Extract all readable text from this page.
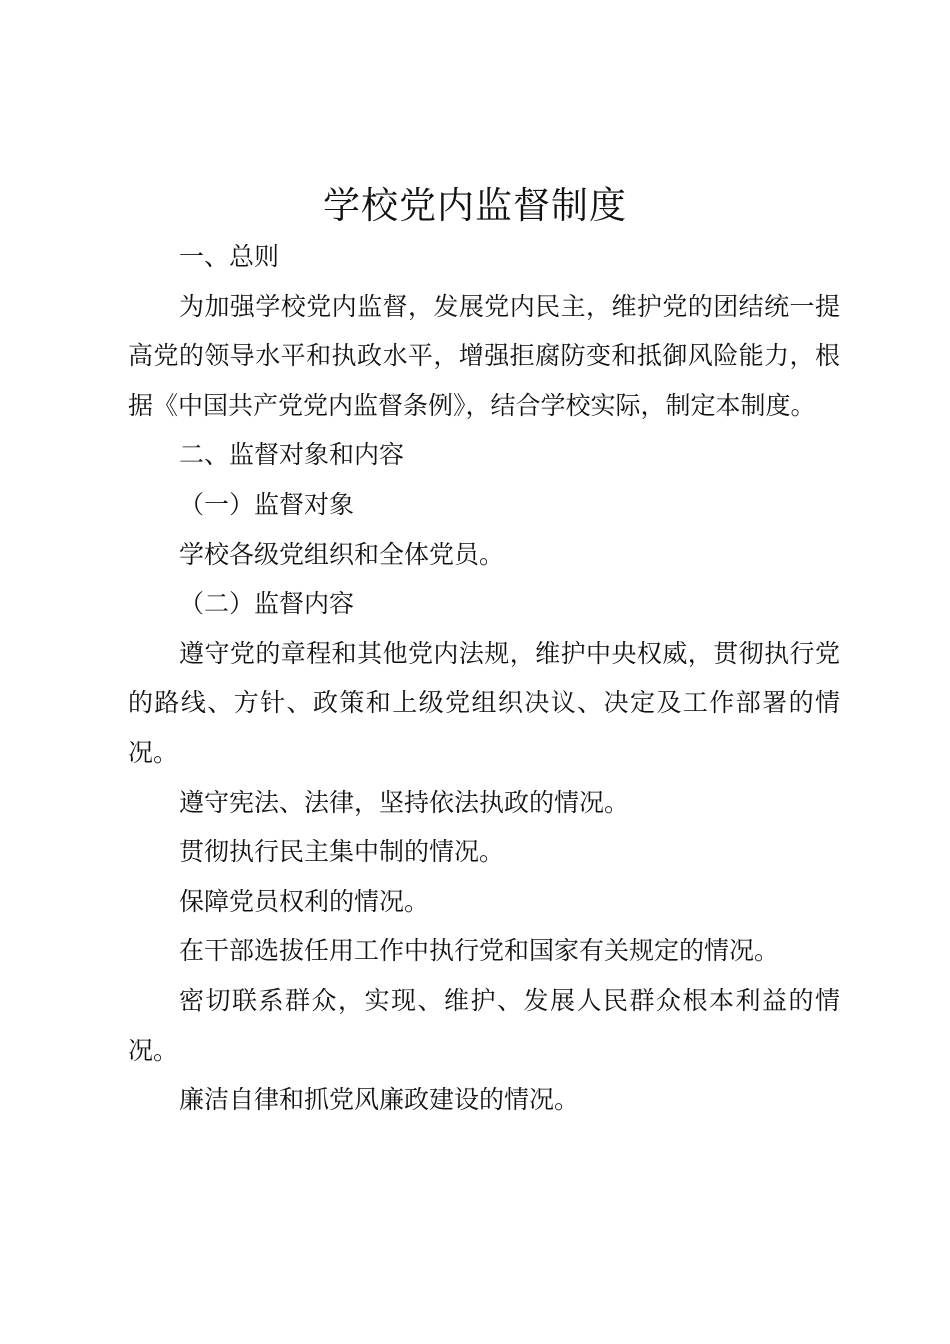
学校党内监督制度

一、总则

为加强学校党内监督，发展党内民主，维护党的团结统一提高党的领导水平和执政水平，增强拒腐防变和抵御风险能力，根据《中国共产党党内监督条例》，结合学校实际，制定本制度。

二、监督对象和内容

（一）监督对象

学校各级党组织和全体党员。

（二）监督内容

遵守党的章程和其他党内法规，维护中央权威，贯彻执行党的路线、方针、政策和上级党组织决议、决定及工作部署的情况。

遵守宪法、法律，坚持依法执政的情况。

贯彻执行民主集中制的情况。

保障党员权利的情况。

在干部选拔任用工作中执行党和国家有关规定的情况。

密切联系群众，实现、维护、发展人民群众根本利益的情况。

廉洁自律和抓党风廉政建设的情况。
